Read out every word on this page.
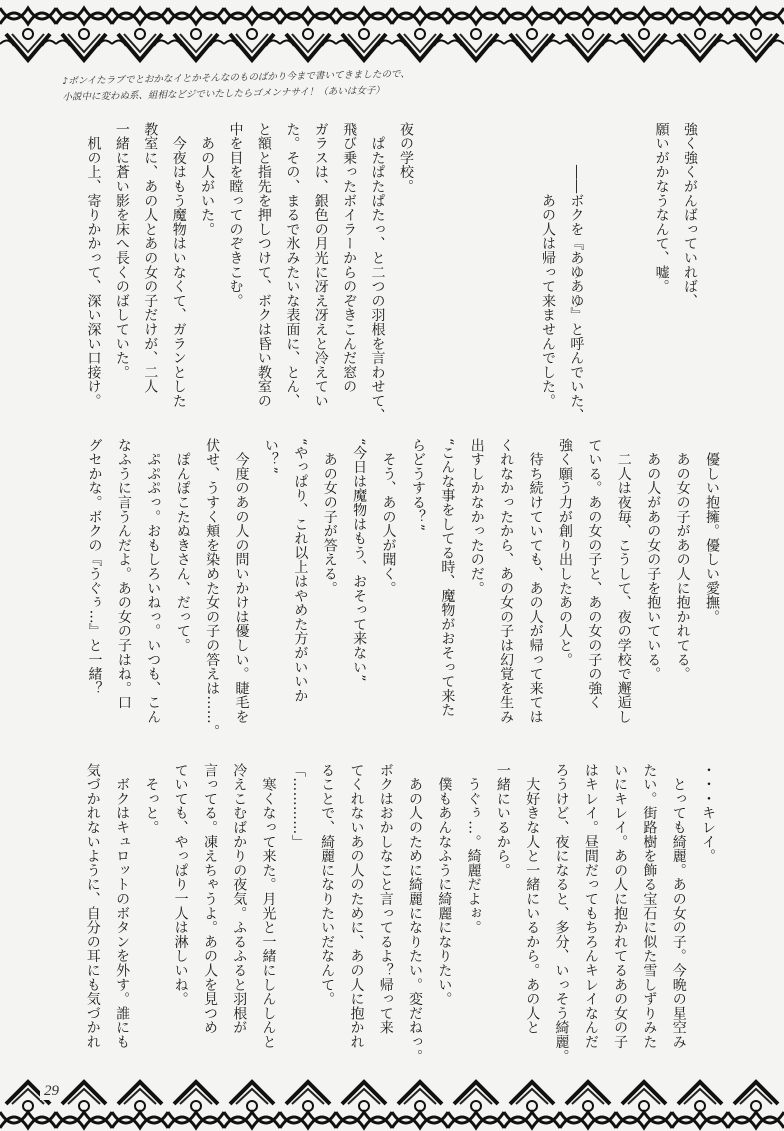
♪ボンイたラブでとおかなイとかそんなのものばかり今まで書いてきましたので、
小説中に変わぬ系、組相などジでいたしたらゴメンナサイ！（あいは女子）
強く強くがんばっていれば、
願いがかなうなんて、嘘。
　　　――ボクを『あゆあゆ』と呼んでいた、
　　　　　あの人は帰って来ませんでした。
夜の学校。
　ぱたぱたぱたっ、と二つの羽根を言わせて、
飛び乗ったボイラーからのぞきこんだ窓の
ガラスは、銀色の月光に冴え冴えと冷えてい
た。その、まるで氷みたいな表面に、とん、
と額と指先を押しつけて、ボクは昏い教室の
中を目を瞠ってのぞきこむ。
　あの人がいた。
　今夜はもう魔物はいなくて、ガランとした
教室に、あの人とあの女の子だけが、二人
一緒に蒼い影を床へ長くのばしていた。
　机の上、寄りかかって、深い深い口接け。
　優しい抱擁。優しい愛撫。
　あの女の子があの人に抱かれてる。
　あの人があの女の子を抱いている。
　二人は夜毎、こうして、夜の学校で邂逅し
ている。あの女の子と、あの女の子の強く
強く願う力が創り出したあの人と。
　待ち続けていても、あの人が帰って来ては
くれなかったから、あの女の子は幻覚を生み
出すしかなかったのだ。
“こんな事をしてる時、魔物がおそって来た
らどうする？”
　そう、あの人が聞く。
“今日は魔物はもう、おそって来ない”
　あの女の子が答える。
“やっぱり、これ以上はやめた方がいいか
い？”
　今度のあの人の問いかけは優しい。睫毛を
伏せ、うすく頬を染めた女の子の答えは……。
　ぽんぽこたぬきさん、だって。
　ぷぷぷっ。おもしろいねっ。いつも、こん
なふうに言うんだよ。あの女の子はね。口
グセかな。ボクの『うぐぅ…』と一緒？
・・・キレイ。
　とっても綺麗。あの女の子。今晩の星空み
たい。街路樹を飾る宝石に似た雪しずりみた
いにキレイ。あの人に抱かれてるあの女の子
はキレイ。昼間だってもちろんキレイなんだ
ろうけど、夜になると、多分、いっそう綺麗。
　大好きな人と一緒にいるから。あの人と
一緒にいるから。
　うぐぅ…。綺麗だよぉ。
　僕もあんなふうに綺麗になりたい。
　あの人のために綺麗になりたい。変だねっ。
ボクはおかしなこと言ってるよ？帰って来
てくれないあの人のために、あの人に抱かれ
ることで、綺麗になりたいだなんて。
「…………」
　寒くなって来た。月光と一緒にしんしんと
冷えこむばかりの夜気。ふるふると羽根が
言ってる。凍えちゃうよ。あの人を見つめ
ていても、やっぱり一人は淋しいね。
　そっと。
　ボクはキュロットのボタンを外す。誰にも
気づかれないように、自分の耳にも気づかれ
29
